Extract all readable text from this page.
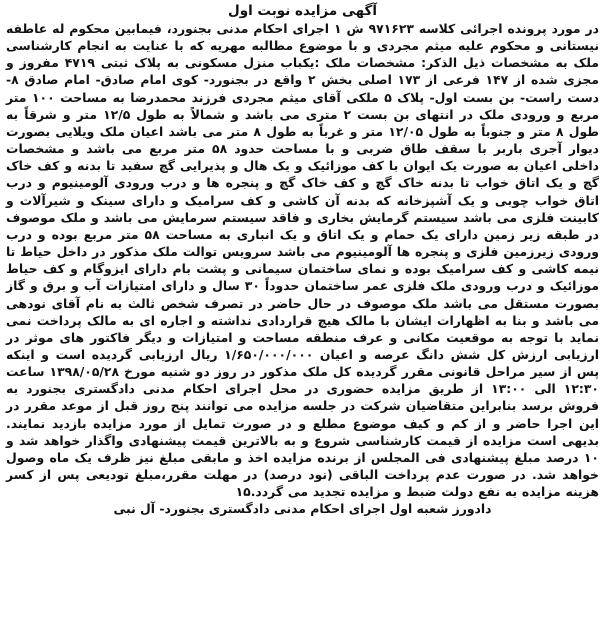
آگهی مزایده نوبت اول

در مورد پرونده اجرائی کلاسه ۹۷۱۶۲۳ ش ۱ اجرای احکام مدنی بجنورد، فیمابین محکوم له عاطفه نیستانی و محکوم علیه میثم مجردی و با موضوع مطالبه مهریه که با عنایت به انجام کارشناسی ملک به مشخصات ذیل الذکر: مشخصات ملک :یکباب منزل مسکونی به پلاک ثبتی ۴۷۱۹ مفروز و مجزی شده از ۱۴۷ فرعی از ۱۷۳ اصلی بخش ۲ واقع در بجنورد- کوی امام صادق- امام صادق ۸- دست راست- بن بست اول- پلاک ۵ ملکی آقای میثم مجردی فرزند محمدرضا به مساحت ۱۰۰ متر مربع و ورودی ملک در انتهای بن بست ۲ متری می باشد و شمالاً به طول ۱۲/۵ متر و شرقاً به طول ۸ متر و جنوباً به طول ۱۲/۰۵ متر و غرباً به طول ۸ متر می باشد اعیان ملک ویلایی بصورت دیوار آجری باربر با سقف طاق ضربی و با مساحت حدود ۵۸ متر مربع می باشد و مشخصات داخلی اعیان به صورت یک ایوان با کف موزائیک و یک هال و پذیرایی گچ سفید تا بدنه و کف خاک گچ و یک اتاق خواب تا بدنه خاک گچ و کف خاک گچ و پنجره ها و درب ورودی آلومینیوم و درب اتاق خواب چوبی و یک آشپزخانه که بدنه آن کاشی و کف سرامیک و دارای سینک و شیرآلات و کابینت فلزی می باشد سیستم گرمایش بخاری و فاقد سیستم سرمایش می باشد و ملک موصوف در طبقه زیر زمین دارای یک حمام و یک اتاق و یک انباری به مساحت ۵۸ متر مربع بوده و درب ورودی زیرزمین فلزی و پنجره ها آلومینیوم می باشد سرویس توالت ملک مذکور در داخل حیاط تا نیمه کاشی و کف سرامیک بوده و نمای ساختمان سیمانی و پشت بام دارای ایزوگام و کف حیاط موزائیک و درب ورودی ملک فلزی عمر ساختمان حدوداً ۳۰ سال و دارای امتیازات آب و برق و گاز بصورت مستقل می باشد ملک موصوف در حال حاضر در تصرف شخص ثالث به نام آقای نودهی می باشد و بنا به اظهارات ایشان با مالک هیچ قراردادی نداشته و اجاره ای به مالک پرداخت نمی نماید با توجه به موقعیت مکانی و عرف منطقه مساحت و امتیازات و دیگر فاکتور های موثر در ارزیابی ارزش کل شش دانگ عرصه و اعیان ۱/۶۵۰/۰۰۰/۰۰۰ ریال ارزیابی گردیده است و اینکه پس از سیر مراحل قانونی مقرر گردیده کل ملک مذکور در روز دو شنبه مورخ ۱۳۹۸/۰۵/۲۸ ساعت ۱۲:۳۰ الی ۱۳:۰۰ از طریق مزایده حضوری در محل اجرای احکام مدنی دادگستری بجنورد به فروش برسد بنابراین متقاضیان شرکت در جلسه مزایده می توانند پنج روز قبل از موعد مقرر در این اجرا حاضر و از کم و کیف موضوع مطلع و در صورت تمایل از مورد مزایده بازدید نمایند. بدیهی است مزایده از قیمت کارشناسی شروع و به بالاترین قیمت پیشنهادی واگذار خواهد شد و ۱۰ درصد مبلغ پیشنهادی فی المجلس از برنده مزایده اخذ و مابقی مبلغ نیز ظرف یک ماه وصول خواهد شد. در صورت عدم پرداخت الباقی (نود درصد) در مهلت مقرر،مبلغ تودیعی پس از کسر هزینه مزایده به نفع دولت ضبط و مزایده تجدید می گردد.۱۵

دادورز شعبه اول اجرای احکام مدنی دادگستری بجنورد- آل نبی
